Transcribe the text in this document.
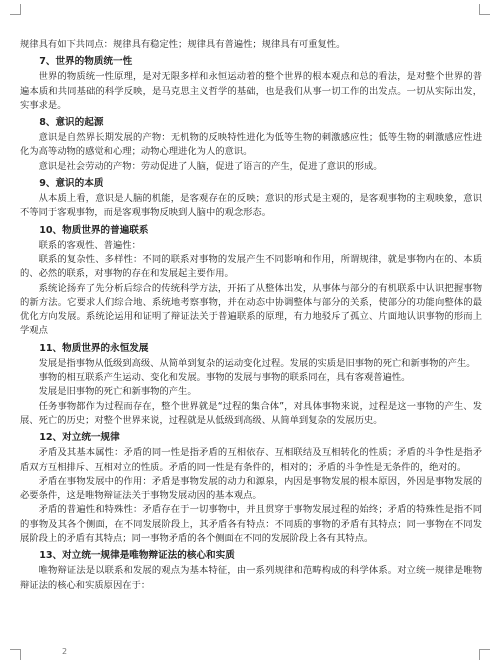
规律具有如下共同点：规律具有稳定性；规律具有普遍性；规律具有可重复性。

7、世界的物质统一性

世界的物质统一性原理，是对无限多样和永恒运动着的整个世界的根本观点和总的看法，是对整个世界的普遍本质和共同基础的科学反映，是马克思主义哲学的基础，也是我们从事一切工作的出发点。一切从实际出发，实事求是。

8、意识的起源

意识是自然界长期发展的产物：无机物的反映特性进化为低等生物的刺激感应性；低等生物的刺激感应性进化为高等动物的感觉和心理；动物心理进化为人的意识。

意识是社会劳动的产物：劳动促进了人脑，促进了语言的产生，促进了意识的形成。

9、意识的本质

从本质上看，意识是人脑的机能，是客观存在的反映；意识的形式是主观的，是客观事物的主观映象，意识不等同于客观事物，而是客观事物反映到人脑中的观念形态。

10、物质世界的普遍联系

联系的客观性、普遍性：

联系的复杂性、多样性：不同的联系对事物的发展产生不同影响和作用，所谓规律，就是事物内在的、本质的、必然的联系，对事物的存在和发展起主要作用。

系统论扬弃了先分析后综合的传统科学方法，开拓了从整体出发，从事体与部分的有机联系中认识把握事物的新方法。它要求人们综合地、系统地考察事物，并在动态中协调整体与部分的关系，使部分的功能向整体的最优化方向发展。系统论运用和证明了辩证法关于普遍联系的原理，有力地驳斥了孤立、片面地认识事物的形而上学观点

11、物质世界的永恒发展

发展是指事物从低级到高级、从简单到复杂的运动变化过程。发展的实质是旧事物的死亡和新事物的产生。

事物的相互联系产生运动、变化和发展。事物的发展与事物的联系同在，具有客观普遍性。

发展是旧事物的死亡和新事物的产生。

任务事物都作为过程而存在，整个世界就是“过程的集合体”，对具体事物来说，过程是这一事物的产生、发展、死亡的历史；对整个世界来说，过程就是从低级到高级、从简单到复杂的发展历史。

12、对立统一规律

矛盾及其基本属性：矛盾的同一性是指矛盾的互相依存、互相联结及互相转化的性质；矛盾的斗争性是指矛盾双方互相排斥、互相对立的性质。矛盾的同一性是有条件的，相对的；矛盾的斗争性是无条件的，绝对的。

矛盾在事物发展中的作用：矛盾是事物发展的动力和源泉，内因是事物发展的根本原因，外因是事物发展的必要条件，这是唯物辩证法关于事物发展动因的基本观点。

矛盾的普遍性和特殊性：矛盾存在于一切事物中，并且贯穿于事物发展过程的始终；矛盾的特殊性是指不同的事物及其各个侧面，在不同发展阶段上，其矛盾各有特点：不同质的事物的矛盾有其特点；同一事物在不同发展阶段上的矛盾有其特点；同一事物矛盾的各个侧面在不同的发展阶段上各有其特点。

13、对立统一规律是唯物辩证法的核心和实质

唯物辩证法是以联系和发展的观点为基本特征，由一系列规律和范畴构成的科学体系。对立统一规律是唯物辩证法的核心和实质原因在于：

2
